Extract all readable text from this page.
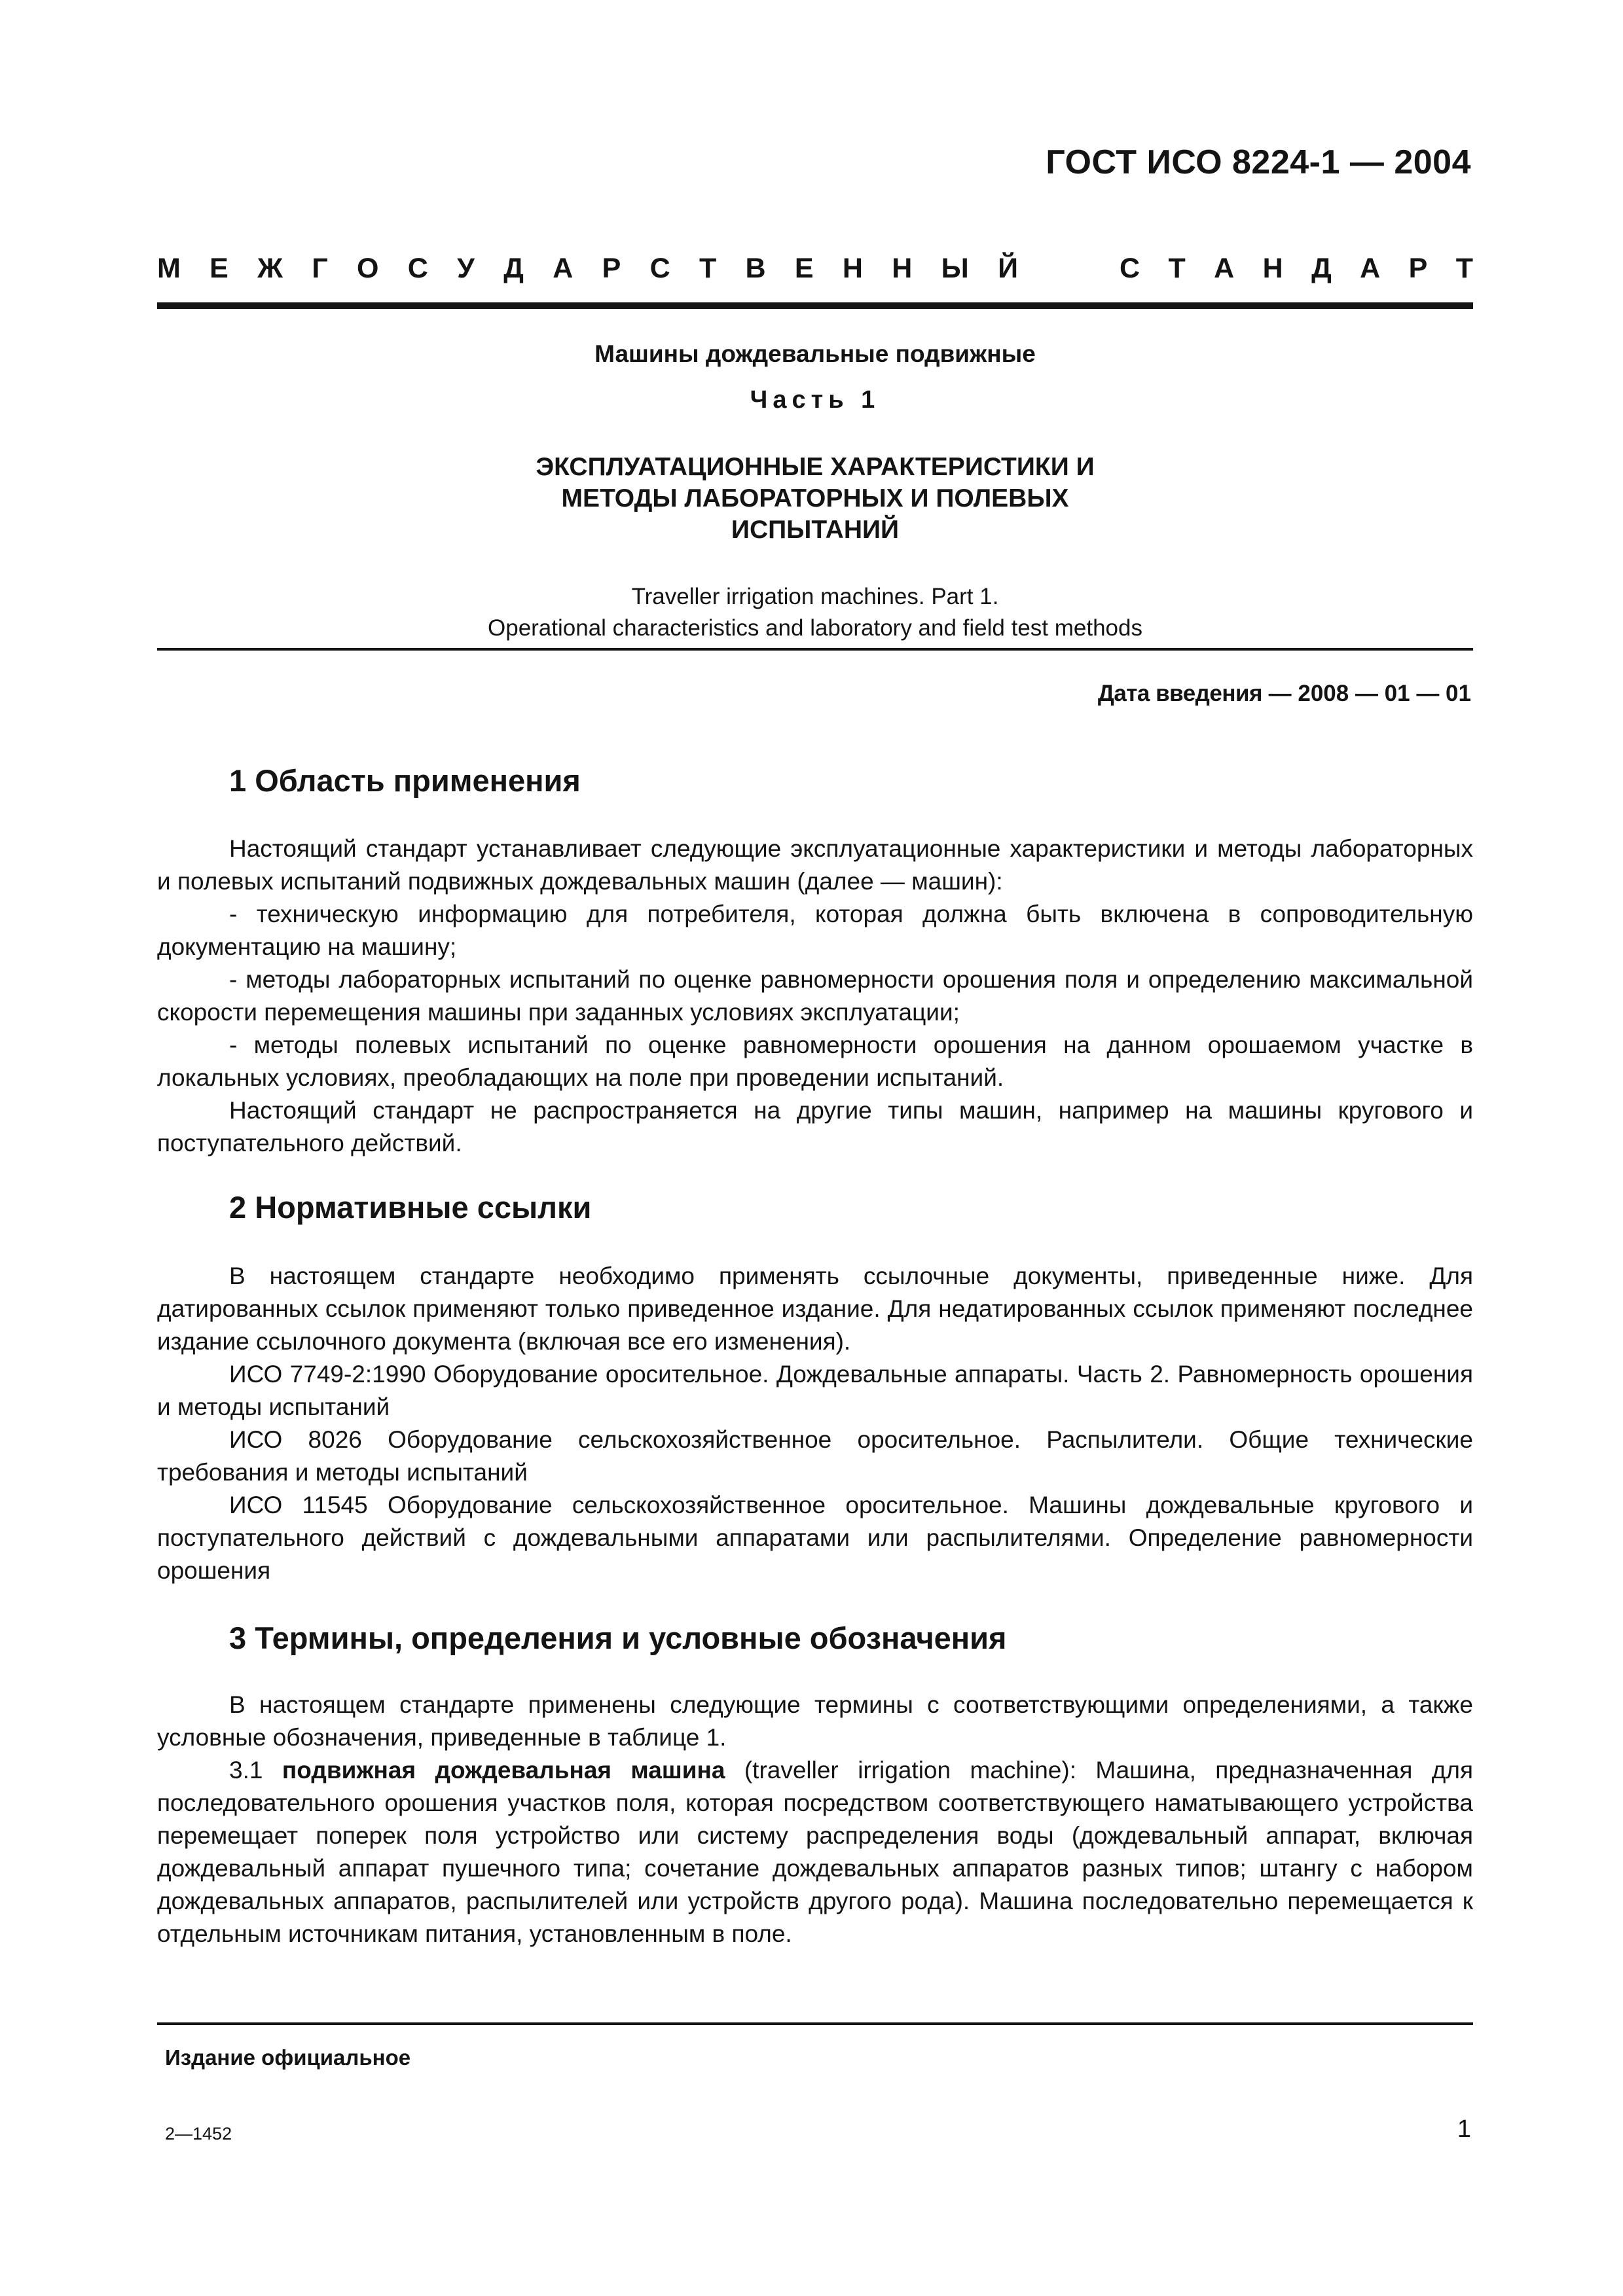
ГОСТ ИСО 8224-1 — 2004
М Е Ж Г О С У Д А Р С Т В Е Н Н Ы Й	С Т А Н Д А Р Т
Машины дождевальные подвижные
Часть 1
ЭКСПЛУАТАЦИОННЫЕ ХАРАКТЕРИСТИКИ И
МЕТОДЫ ЛАБОРАТОРНЫХ И ПОЛЕВЫХ
ИСПЫТАНИЙ
Traveller irrigation machines. Part 1.
Operational characteristics and laboratory and field test methods
Дата введения — 2008 — 01 — 01
1 Область применения

Настоящий стандарт устанавливает следующие эксплуатационные характеристики и методы лабораторных и полевых испытаний подвижных дождевальных машин (далее — машин):

- техническую информацию для потребителя, которая должна быть включена в сопроводительную документацию на машину;

- методы лабораторных испытаний по оценке равномерности орошения поля и определению максимальной скорости перемещения машины при заданных условиях эксплуатации;

- методы полевых испытаний по оценке равномерности орошения на данном орошаемом участке в локальных условиях, преобладающих на поле при проведении испытаний.

Настоящий стандарт не распространяется на другие типы машин, например на машины кругового и поступательного действий.

2 Нормативные ссылки

В настоящем стандарте необходимо применять ссылочные документы, приведенные ниже. Для датированных ссылок применяют только приведенное издание. Для недатированных ссылок применяют последнее издание ссылочного документа (включая все его изменения).

ИСО 7749-2:1990 Оборудование оросительное. Дождевальные аппараты. Часть 2. Равномерность орошения и методы испытаний

ИСО 8026 Оборудование сельскохозяйственное оросительное. Распылители. Общие технические требования и методы испытаний

ИСО 11545 Оборудование сельскохозяйственное оросительное. Машины дождевальные кругового и поступательного действий с дождевальными аппаратами или распылителями. Определение равномерности орошения

3 Термины, определения и условные обозначения

В настоящем стандарте применены следующие термины с соответствующими определениями, а также условные обозначения, приведенные в таблице 1.

3.1 подвижная дождевальная машина (traveller irrigation machine): Машина, предназначенная для последовательного орошения участков поля, которая посредством соответствующего наматывающего устройства перемещает поперек поля устройство или систему распределения воды (дождевальный аппарат, включая дождевальный аппарат пушечного типа; сочетание дождевальных аппаратов разных типов; штангу с набором дождевальных аппаратов, распылителей или устройств другого рода). Машина последовательно перемещается к отдельным источникам питания, установленным в поле.

Издание официальное
2—1452	1
